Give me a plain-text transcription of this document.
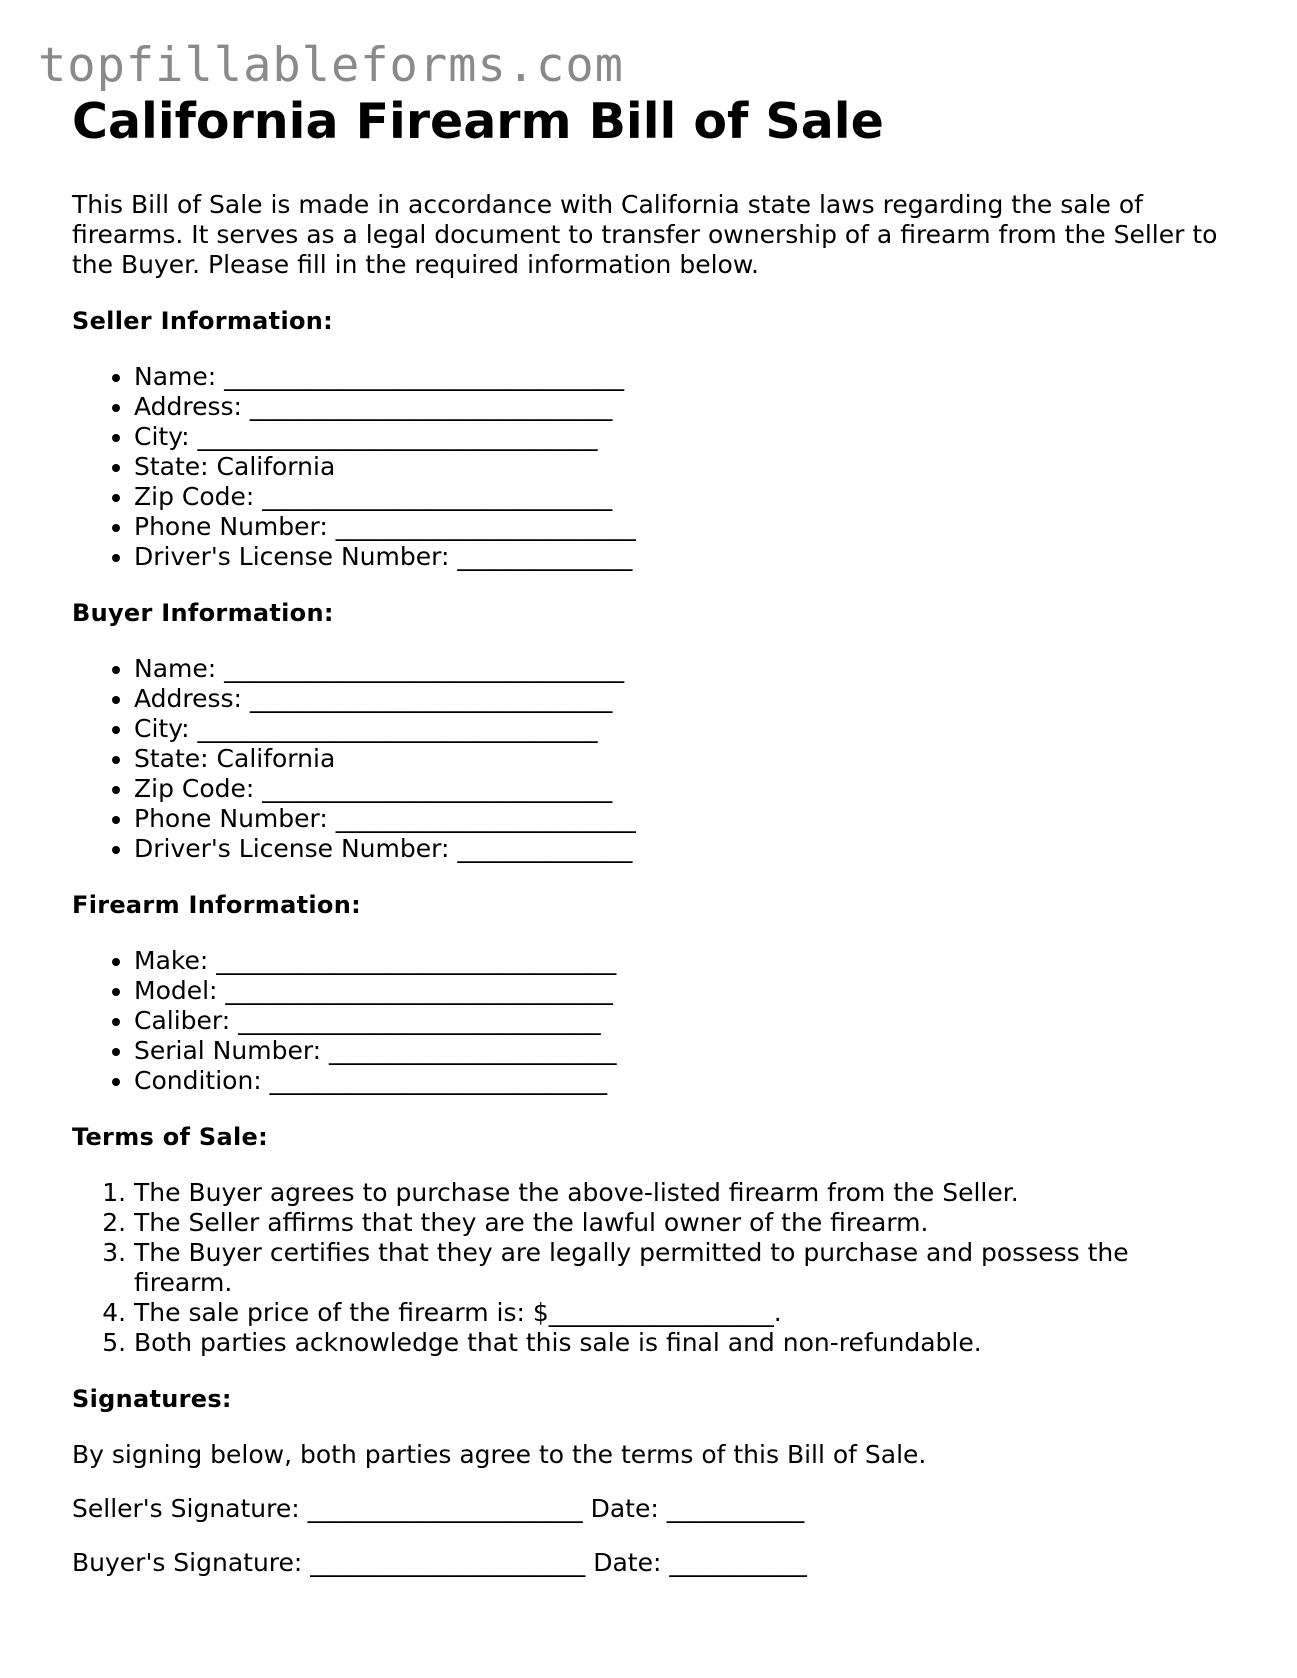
topfillableforms.com
California Firearm Bill of Sale

This Bill of Sale is made in accordance with California state laws regarding the sale of firearms. It serves as a legal document to transfer ownership of a firearm from the Seller to the Buyer. Please fill in the required information below.

Seller Information:
• Name: ________________________________
• Address: _____________________________
• City: ________________________________
• State: California
• Zip Code: ____________________________
• Phone Number: ________________________
• Driver's License Number: ______________
Buyer Information:
• Name: ________________________________
• Address: _____________________________
• City: ________________________________
• State: California
• Zip Code: ____________________________
• Phone Number: ________________________
• Driver's License Number: ______________
Firearm Information:
• Make: ________________________________
• Model: _______________________________
• Caliber: _____________________________
• Serial Number: _______________________
• Condition: ___________________________
Terms of Sale:
1. The Buyer agrees to purchase the above-listed firearm from the Seller.
2. The Seller affirms that they are the lawful owner of the firearm.
3. The Buyer certifies that they are legally permitted to purchase and possess the firearm.
4. The sale price of the firearm is: $__________________.
5. Both parties acknowledge that this sale is final and non-refundable.
Signatures:

By signing below, both parties agree to the terms of this Bill of Sale.

Seller's Signature: ______________________ Date: ___________

Buyer's Signature: ______________________ Date: ___________
